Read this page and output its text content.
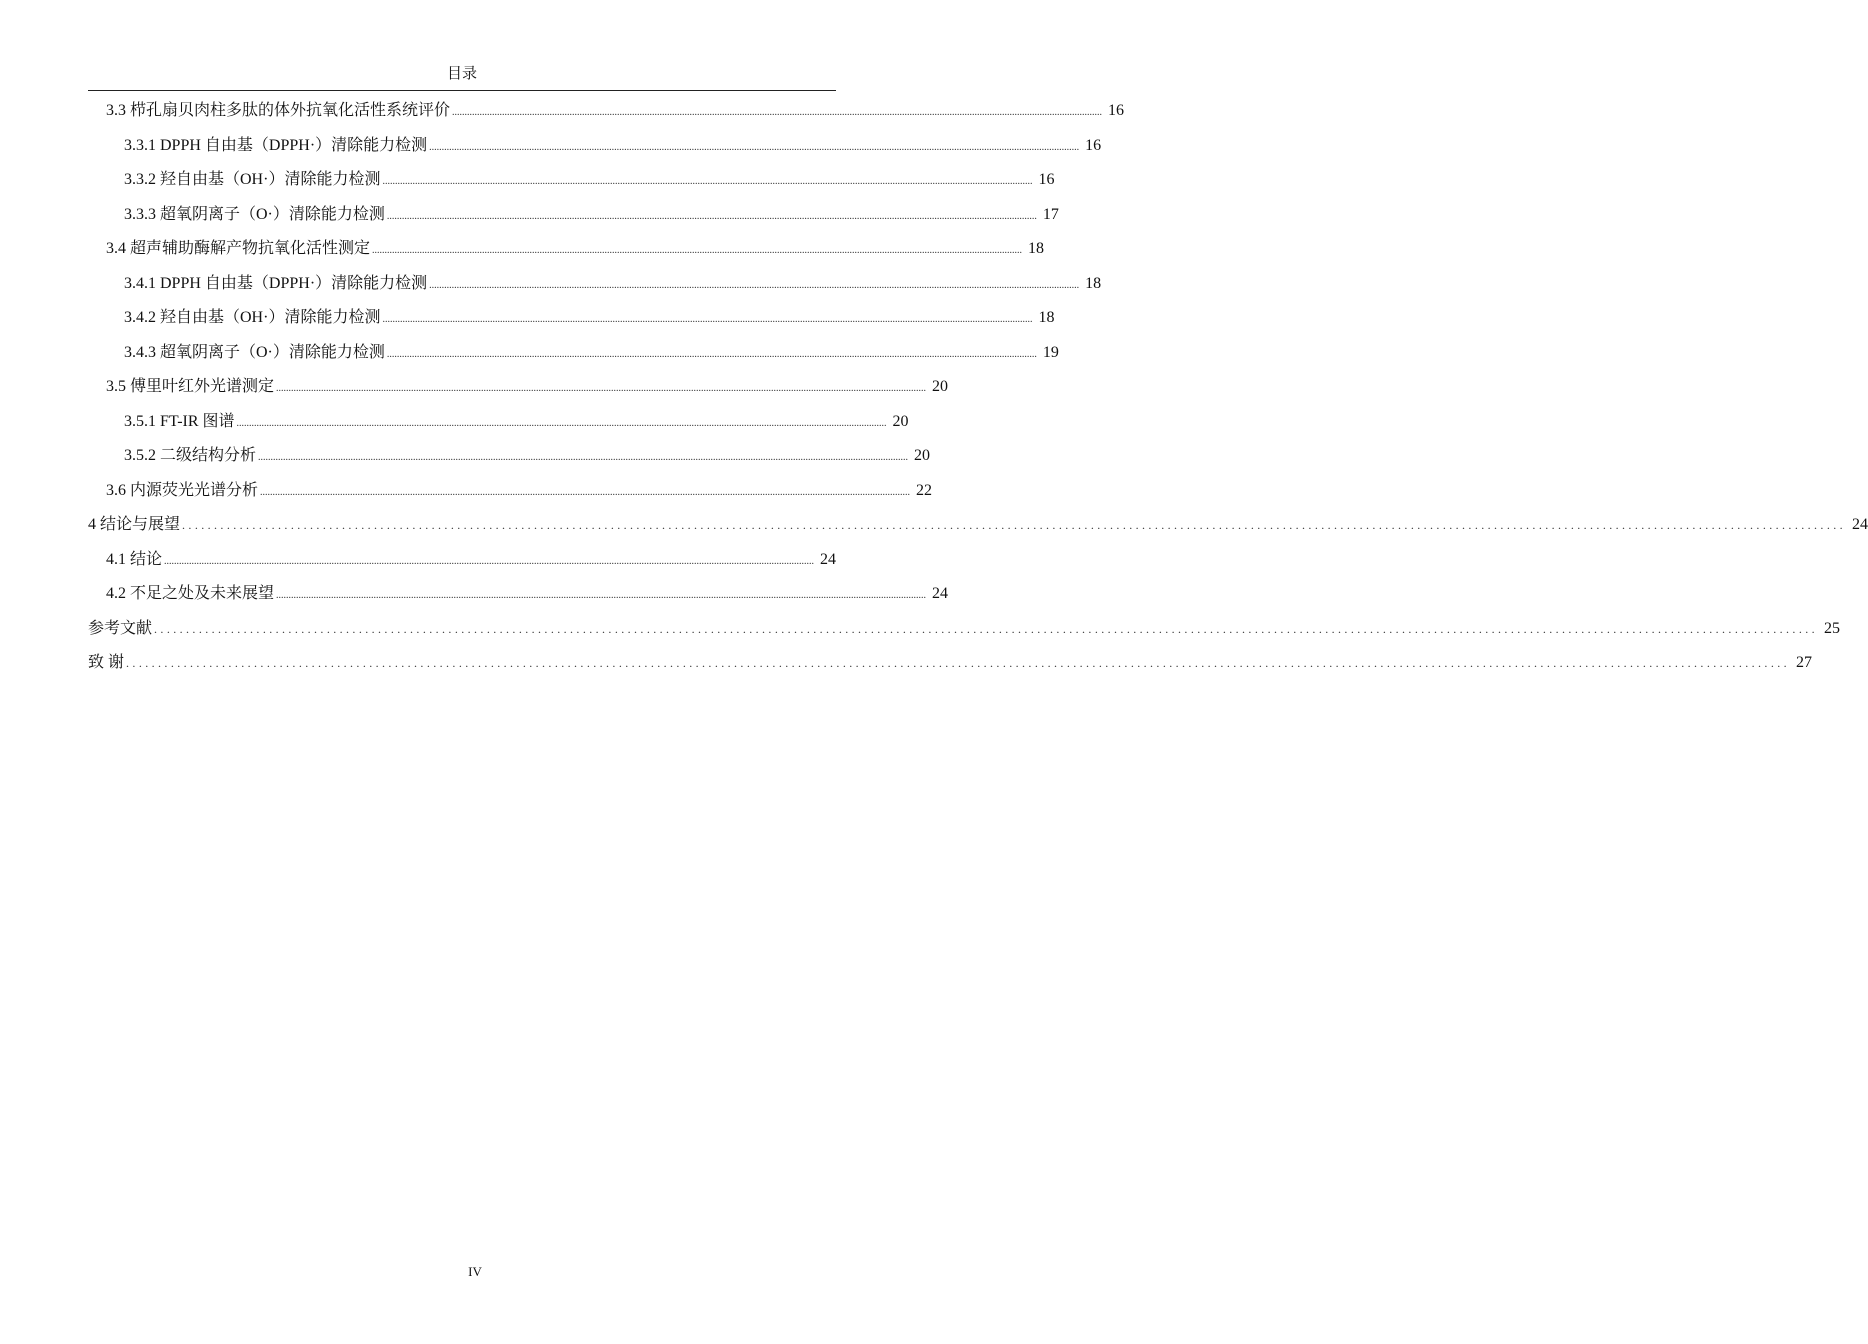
目录
3.3 栉孔扇贝肉柱多肽的体外抗氧化活性系统评价 .................................................................................................................................................................................................................................................................... 16
3.3.1 DPPH 自由基（DPPH·）清除能力检测 .................................................................................................................................................................................................................................................................... 16
3.3.2 羟自由基（OH·）清除能力检测 .................................................................................................................................................................................................................................................................... 16
3.3.3 超氧阴离子（O·）清除能力检测 .................................................................................................................................................................................................................................................................... 17
3.4 超声辅助酶解产物抗氧化活性测定 .................................................................................................................................................................................................................................................................... 18
3.4.1 DPPH 自由基（DPPH·）清除能力检测 .................................................................................................................................................................................................................................................................... 18
3.4.2 羟自由基（OH·）清除能力检测 .................................................................................................................................................................................................................................................................... 18
3.4.3 超氧阴离子（O·）清除能力检测 .................................................................................................................................................................................................................................................................... 19
3.5 傅里叶红外光谱测定 .................................................................................................................................................................................................................................................................... 20
3.5.1 FT-IR 图谱 .................................................................................................................................................................................................................................................................... 20
3.5.2 二级结构分析 .................................................................................................................................................................................................................................................................... 20
3.6 内源荧光光谱分析 .................................................................................................................................................................................................................................................................... 22
4 结论与展望 .................................................................................................................................................................................................................................................................... 24
4.1 结论 .................................................................................................................................................................................................................................................................... 24
4.2 不足之处及未来展望 .................................................................................................................................................................................................................................................................... 24
参考文献 .................................................................................................................................................................................................................................................................... 25
致 谢 .................................................................................................................................................................................................................................................................... 27
IV
